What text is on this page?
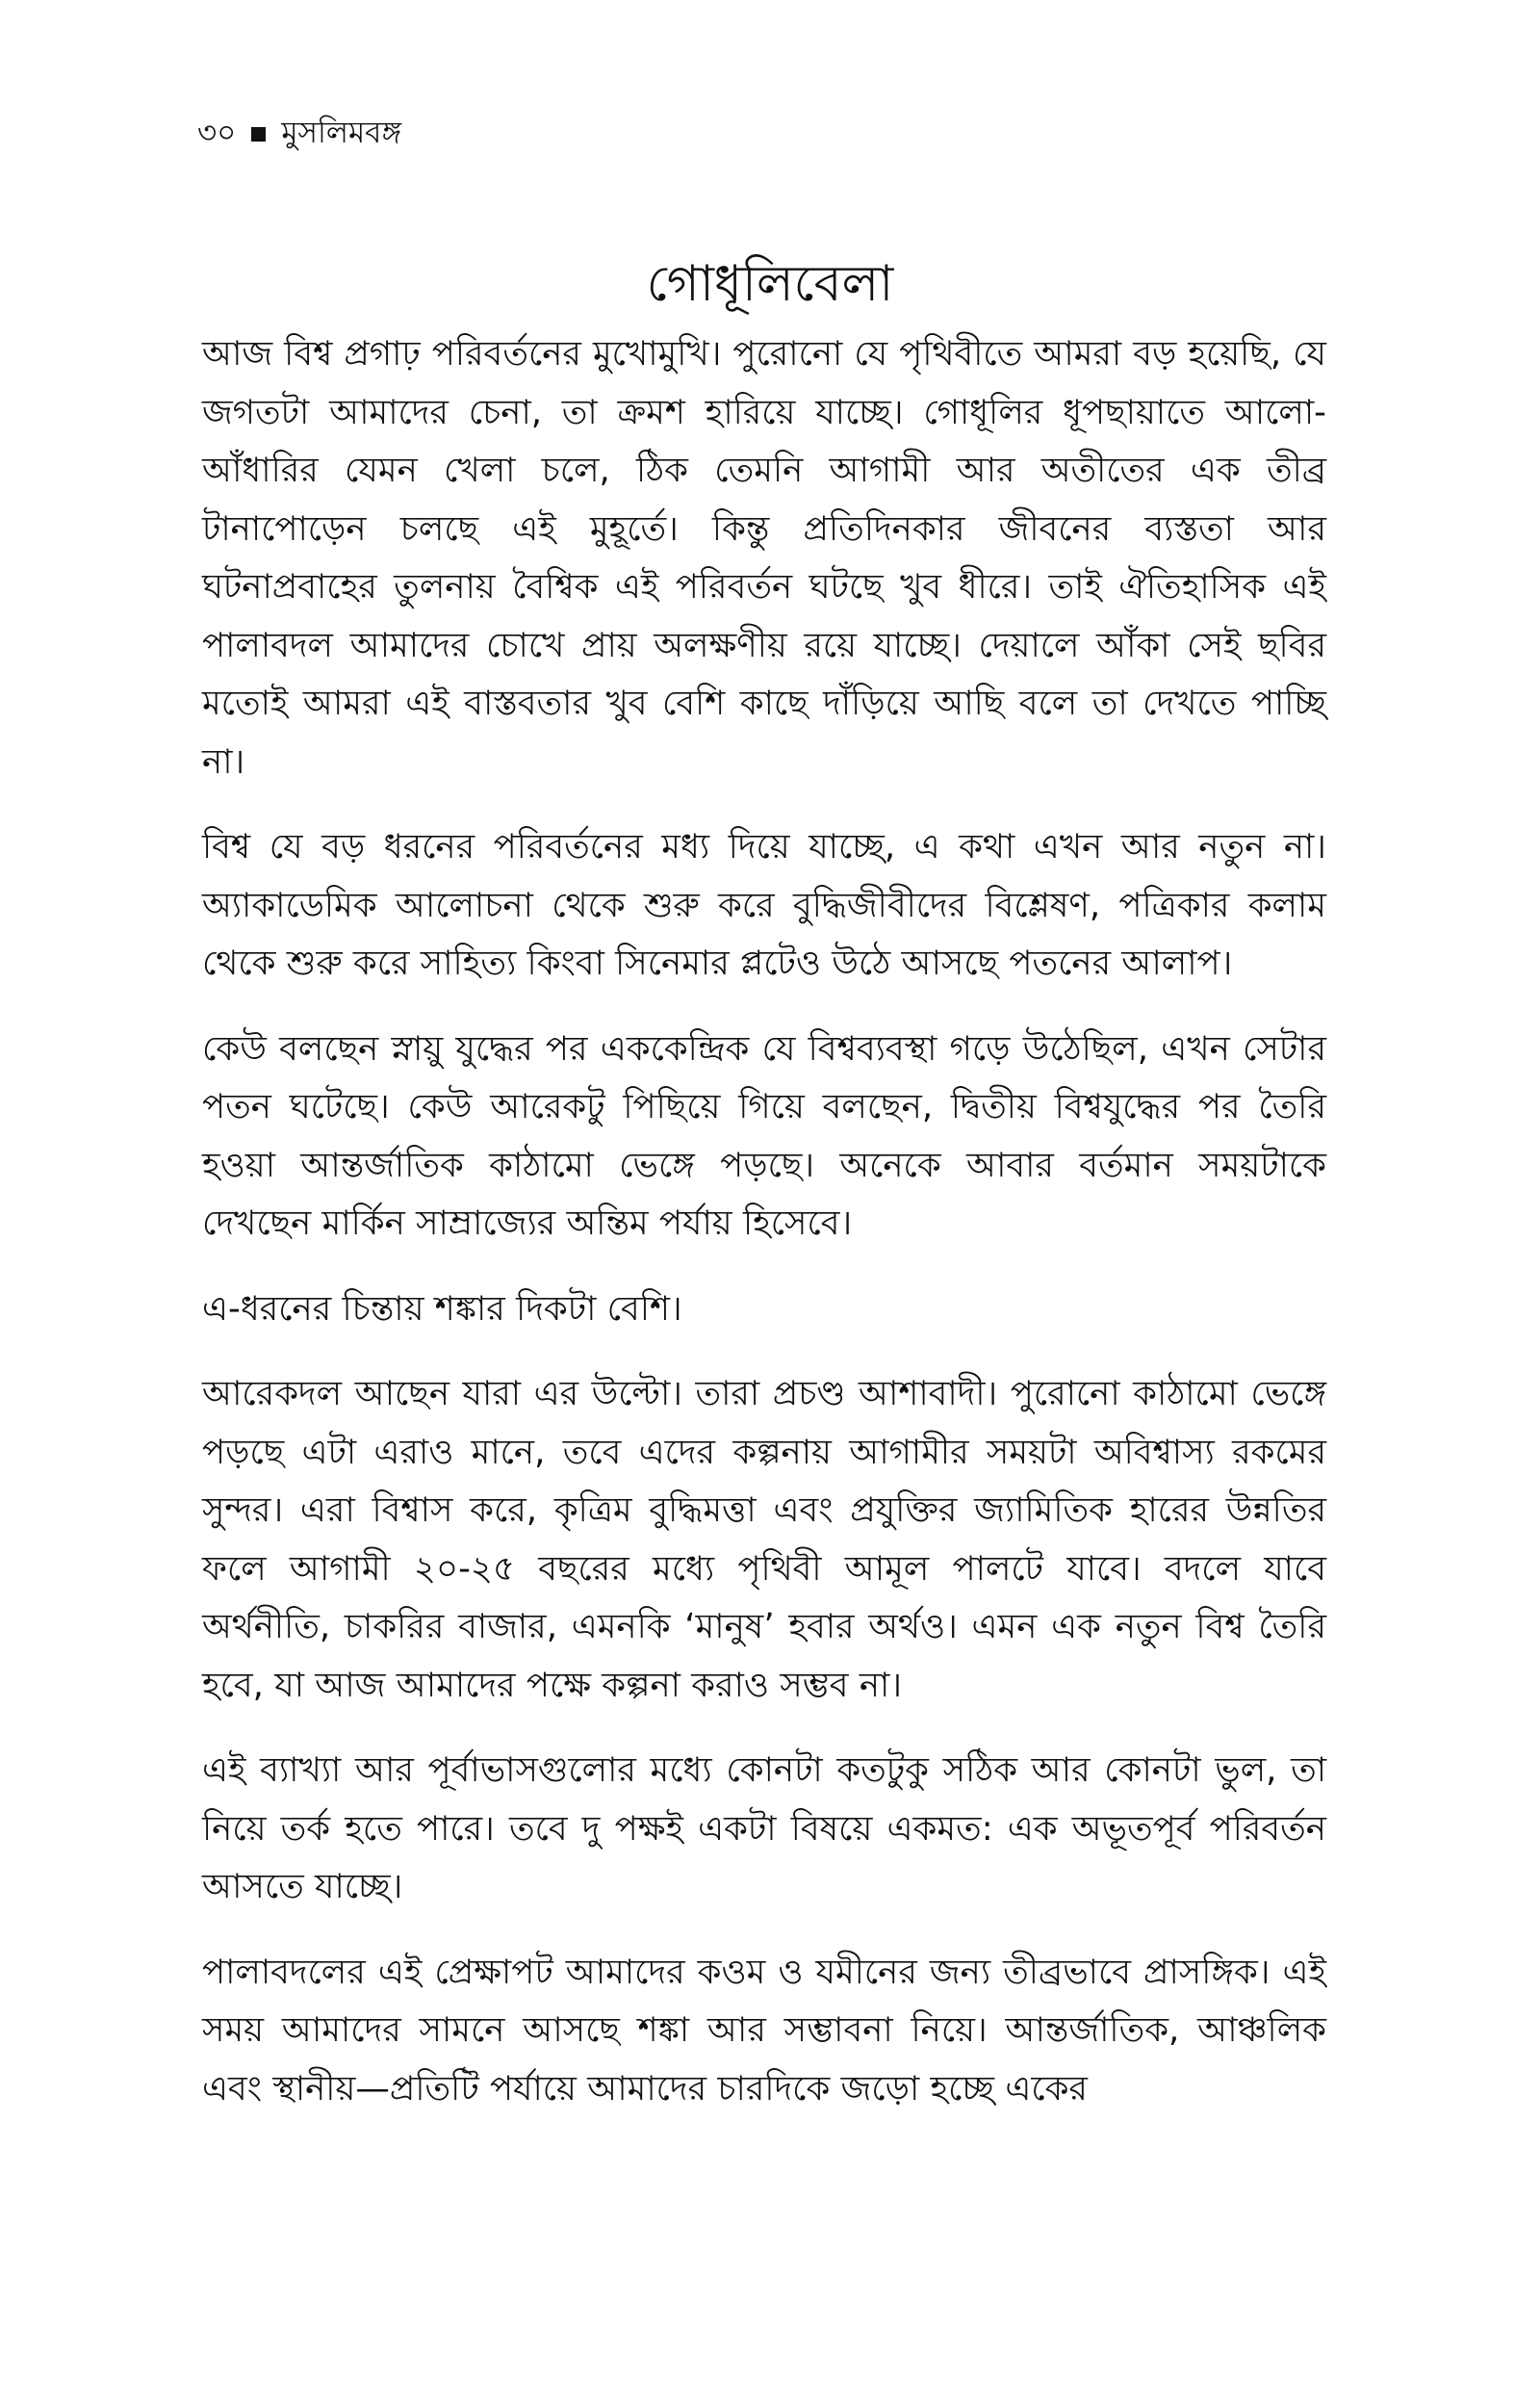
৩০ মুসলিমবঙ্গ
গোধূলিবেলা

আজ বিশ্ব প্রগাঢ় পরিবর্তনের মুখোমুখি। পুরোনো যে পৃথিবীতে আমরা বড় হয়েছি, যে জগতটা আমাদের চেনা, তা ক্রমশ হারিয়ে যাচ্ছে। গোধূলির ধূপছায়াতে আলো-আঁধারির যেমন খেলা চলে, ঠিক তেমনি আগামী আর অতীতের এক তীব্র টানাপোড়েন চলছে এই মুহূর্তে। কিন্তু প্রতিদিনকার জীবনের ব্যস্ততা আর ঘটনাপ্রবাহের তুলনায় বৈশ্বিক এই পরিবর্তন ঘটছে খুব ধীরে। তাই ঐতিহাসিক এই পালাবদল আমাদের চোখে প্রায় অলক্ষণীয় রয়ে যাচ্ছে। দেয়ালে আঁকা সেই ছবির মতোই আমরা এই বাস্তবতার খুব বেশি কাছে দাঁড়িয়ে আছি বলে তা দেখতে পাচ্ছি না।

বিশ্ব যে বড় ধরনের পরিবর্তনের মধ্য দিয়ে যাচ্ছে, এ কথা এখন আর নতুন না। অ্যাকাডেমিক আলোচনা থেকে শুরু করে বুদ্ধিজীবীদের বিশ্লেষণ, পত্রিকার কলাম থেকে শুরু করে সাহিত্য কিংবা সিনেমার প্লটেও উঠে আসছে পতনের আলাপ।

কেউ বলছেন স্নায়ু যুদ্ধের পর এককেন্দ্রিক যে বিশ্বব্যবস্থা গড়ে উঠেছিল, এখন সেটার পতন ঘটেছে। কেউ আরেকটু পিছিয়ে গিয়ে বলছেন, দ্বিতীয় বিশ্বযুদ্ধের পর তৈরি হওয়া আন্তর্জাতিক কাঠামো ভেঙ্গে পড়ছে। অনেকে আবার বর্তমান সময়টাকে দেখছেন মার্কিন সাম্রাজ্যের অন্তিম পর্যায় হিসেবে।

এ-ধরনের চিন্তায় শঙ্কার দিকটা বেশি।

আরেকদল আছেন যারা এর উল্টো। তারা প্রচণ্ড আশাবাদী। পুরোনো কাঠামো ভেঙ্গে পড়ছে এটা এরাও মানে, তবে এদের কল্পনায় আগামীর সময়টা অবিশ্বাস্য রকমের সুন্দর। এরা বিশ্বাস করে, কৃত্রিম বুদ্ধিমত্তা এবং প্রযুক্তির জ্যামিতিক হারের উন্নতির ফলে আগামী ২০-২৫ বছরের মধ্যে পৃথিবী আমূল পালটে যাবে। বদলে যাবে অর্থনীতি, চাকরির বাজার, এমনকি ‘মানুষ’ হবার অর্থও। এমন এক নতুন বিশ্ব তৈরি হবে, যা আজ আমাদের পক্ষে কল্পনা করাও সম্ভব না।

এই ব্যাখ্যা আর পূর্বাভাসগুলোর মধ্যে কোনটা কতটুকু সঠিক আর কোনটা ভুল, তা নিয়ে তর্ক হতে পারে। তবে দু পক্ষই একটা বিষয়ে একমত: এক অভূতপূর্ব পরিবর্তন আসতে যাচ্ছে।

পালাবদলের এই প্রেক্ষাপট আমাদের কওম ও যমীনের জন্য তীব্রভাবে প্রাসঙ্গিক। এই সময় আমাদের সামনে আসছে শঙ্কা আর সম্ভাবনা নিয়ে। আন্তর্জাতিক, আঞ্চলিক এবং স্থানীয়—প্রতিটি পর্যায়ে আমাদের চারদিকে জড়ো হচ্ছে একের
